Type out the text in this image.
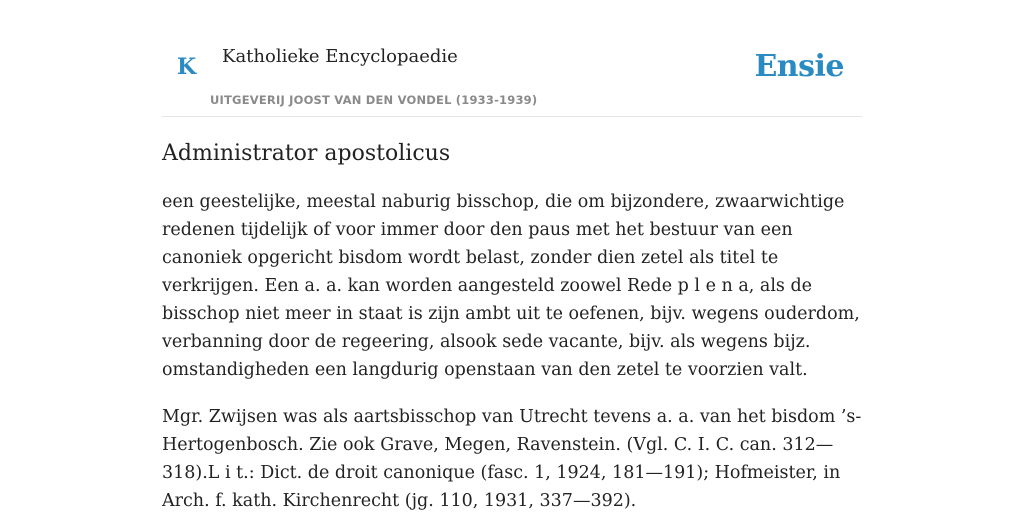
K Katholieke Encyclopaedie
UITGEVERIJ JOOST VAN DEN VONDEL (1933-1939)
Ensie
Administrator apostolicus

een geestelijke, meestal naburig bisschop, die om bijzondere, zwaarwichtige redenen tijdelijk of voor immer door den paus met het bestuur van een canoniek opgericht bisdom wordt belast, zonder dien zetel als titel te verkrijgen. Een a. a. kan worden aangesteld zoowel Rede p l e n a, als de bisschop niet meer in staat is zijn ambt uit te oefenen, bijv. wegens ouderdom, verbanning door de regeering, alsook sede vacante, bijv. als wegens bijz. omstandigheden een langdurig openstaan van den zetel te voorzien valt.

Mgr. Zwijsen was als aartsbisschop van Utrecht tevens a. a. van het bisdom ’s-Hertogenbosch. Zie ook Grave, Megen, Ravenstein. (Vgl. C. I. C. can. 312—318).L i t.: Dict. de droit canonique (fasc. 1, 1924, 181—191); Hofmeister, in Arch. f. kath. Kirchenrecht (jg. 110, 1931, 337—392).
